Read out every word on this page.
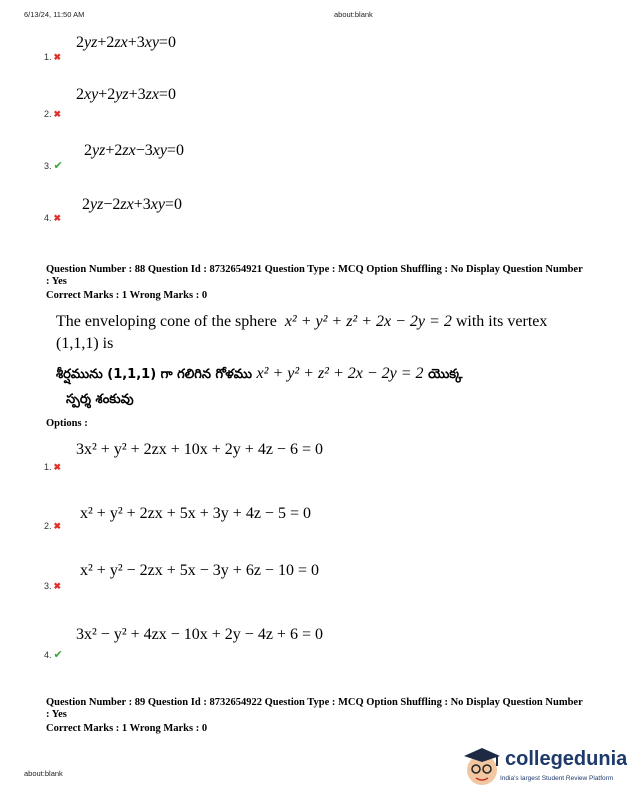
6/13/24, 11:50 AM	about:blank
2yz+2zx+3xy=0
1. ✖
2xy+2yz+3zx=0
2. ✖
2yz+2zx−3xy=0
3. ✔
2yz−2zx+3xy=0
4. ✖
Question Number : 88 Question Id : 8732654921 Question Type : MCQ Option Shuffling : No Display Question Number : Yes
Correct Marks : 1 Wrong Marks : 0
The enveloping cone of the sphere x² + y² + z² + 2x − 2y = 2 with its vertex (1,1,1) is
శీర్షమును (1,1,1) గా గలిగిన గోళము x² + y² + z² + 2x − 2y = 2 యొక్క
స్పర్శ శంకువు
Options :
3x² + y² + 2zx + 10x + 2y + 4z − 6 = 0
1. ✖
x² + y² + 2zx + 5x + 3y + 4z − 5 = 0
2. ✖
x² + y² − 2zx + 5x − 3y + 6z − 10 = 0
3. ✖
3x² − y² + 4zx − 10x + 2y − 4z + 6 = 0
4. ✔
Question Number : 89 Question Id : 8732654922 Question Type : MCQ Option Shuffling : No Display Question Number : Yes
Correct Marks : 1 Wrong Marks : 0
about:blank
collegedunia
India's largest Student Review Platform
